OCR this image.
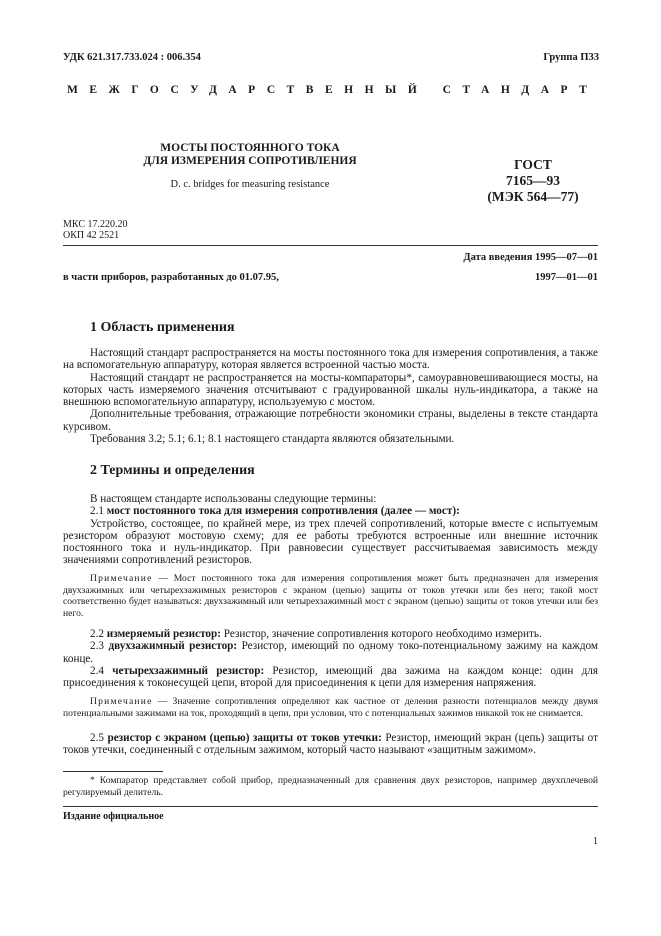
УДК 621.317.733.024 : 006.354	Группа П33
МЕЖГОСУДАРСТВЕННЫЙ СТАНДАРТ
МОСТЫ ПОСТОЯННОГО ТОКА
ДЛЯ ИЗМЕРЕНИЯ СОПРОТИВЛЕНИЯ
D. c. bridges for measuring resistance
ГОСТ
7165—93
(МЭК 564—77)
МКС 17.220.20
ОКП 42 2521
Дата введения 1995—07—01
в части приборов, разработанных до 01.07.95,	1997—01—01
1 Область применения

Настоящий стандарт распространяется на мосты постоянного тока для измерения сопротивления, а также на вспомогательную аппаратуру, которая является встроенной частью моста.

Настоящий стандарт не распространяется на мосты-компараторы*, самоуравновешивающиеся мосты, на которых часть измеряемого значения отсчитывают с градуированной шкалы нуль-индикатора, а также на внешнюю вспомогательную аппаратуру, используемую с мостом.

Дополнительные требования, отражающие потребности экономики страны, выделены в тексте стандарта курсивом.

Требования 3.2; 5.1; 6.1; 8.1 настоящего стандарта являются обязательными.

2 Термины и определения

В настоящем стандарте использованы следующие термины:

2.1 мост постоянного тока для измерения сопротивления (далее — мост):

Устройство, состоящее, по крайней мере, из трех плечей сопротивлений, которые вместе с испытуемым резистором образуют мостовую схему; для ее работы требуются встроенные или внешние источник постоянного тока и нуль-индикатор. При равновесии существует рассчитываемая зависимость между значениями сопротивлений резисторов.

Примечание — Мост постоянного тока для измерения сопротивления может быть предназначен для измерения двухзажимных или четырехзажимных резисторов с экраном (цепью) защиты от токов утечки или без него; такой мост соответственно будет называться: двухзажимный или четырехзажимный мост с экраном (цепью) защиты от токов утечки или без него.

2.2 измеряемый резистор: Резистор, значение сопротивления которого необходимо измерить.

2.3 двухзажимный резистор: Резистор, имеющий по одному токо-потенциальному зажиму на каждом конце.

2.4 четырехзажимный резистор: Резистор, имеющий два зажима на каждом конце: один для присоединения к токонесущей цепи, второй для присоединения к цепи для измерения напряжения.

Примечание — Значение сопротивления определяют как частное от деления разности потенциалов между двумя потенциальными зажимами на ток, проходящий в цепи, при условии, что с потенциальных зажимов никакой ток не снимается.

2.5 резистор с экраном (цепью) защиты от токов утечки: Резистор, имеющий экран (цепь) защиты от токов утечки, соединенный с отдельным зажимом, который часто называют «защитным зажимом».

* Компаратор представляет собой прибор, предназначенный для сравнения двух резисторов, например двухплечевой регулируемый делитель.

Издание официальное
1
